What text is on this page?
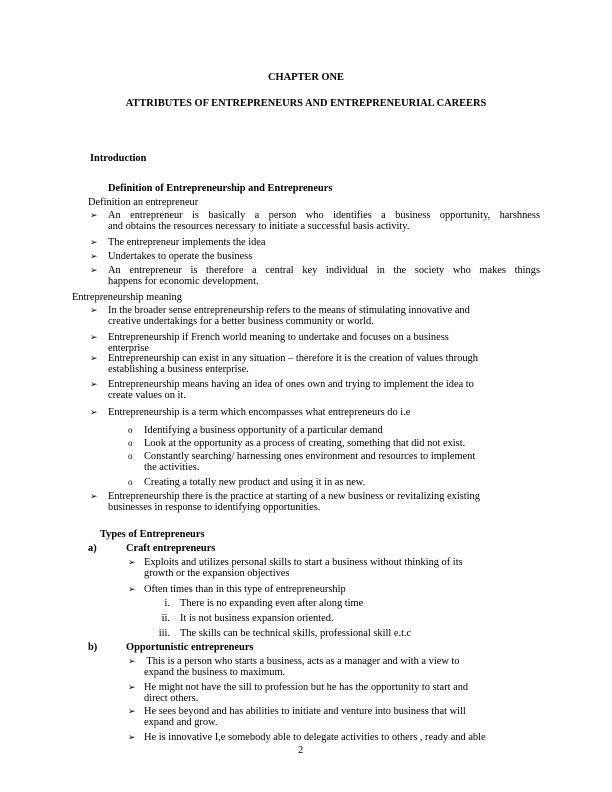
CHAPTER ONE
ATTRIBUTES OF ENTREPRENEURS AND ENTREPRENEURIAL CAREERS
Introduction
Definition of Entrepreneurship and Entrepreneurs
Definition an entrepreneur
➢ An entrepreneur is basically a person who identifies a business opportunity, harshness
and obtains the resources necessary to initiate a successful basis activity.
➢ The entrepreneur implements the idea
➢ Undertakes to operate the business
➢ An entrepreneur is therefore a central key individual in the society who makes things
happens for economic development.
Entrepreneurship meaning
➢ In the broader sense entrepreneurship refers to the means of stimulating innovative and
creative undertakings for a better business community or world.
➢ Entrepreneurship if French world meaning to undertake and focuses on a business
enterprise
➢ Entrepreneurship can exist in any situation – therefore it is the creation of values through
establishing a business enterprise.
➢ Entrepreneurship means having an idea of ones own and trying to implement the idea to
create values on it.
➢ Entrepreneurship is a term which encompasses what entrepreneurs do i.e
o Identifying a business opportunity of a particular demand
o Look at the opportunity as a process of creating, something that did not exist.
o Constantly searching/ harnessing ones environment and resources to implement
the activities.
o Creating a totally new product and using it in as new.
➢ Entrepreneurship there is the practice at starting of a new business or revitalizing existing
businesses in response to identifying opportunities.
Types of Entrepreneurs
a)	Craft entrepreneurs
➢ Exploits and utilizes personal skills to start a business without thinking of its
growth or the expansion objectives
➢ Often times than in this type of entrepreneurship
i. There is no expanding even after along time
ii. It is not business expansion oriented.
iii. The skills can be technical skills, professional skill e.t.c
b)	Opportunistic entrepreneurs
➢ This is a person who starts a business, acts as a manager and with a view to
expand the business to maximum.
➢ He might not have the sill to profession but he has the opportunity to start and
direct others.
➢ He sees beyond and has abilities to initiate and venture into business that will
expand and grow.
➢ He is innovative I,e somebody able to delegate activities to others , ready and able
2
